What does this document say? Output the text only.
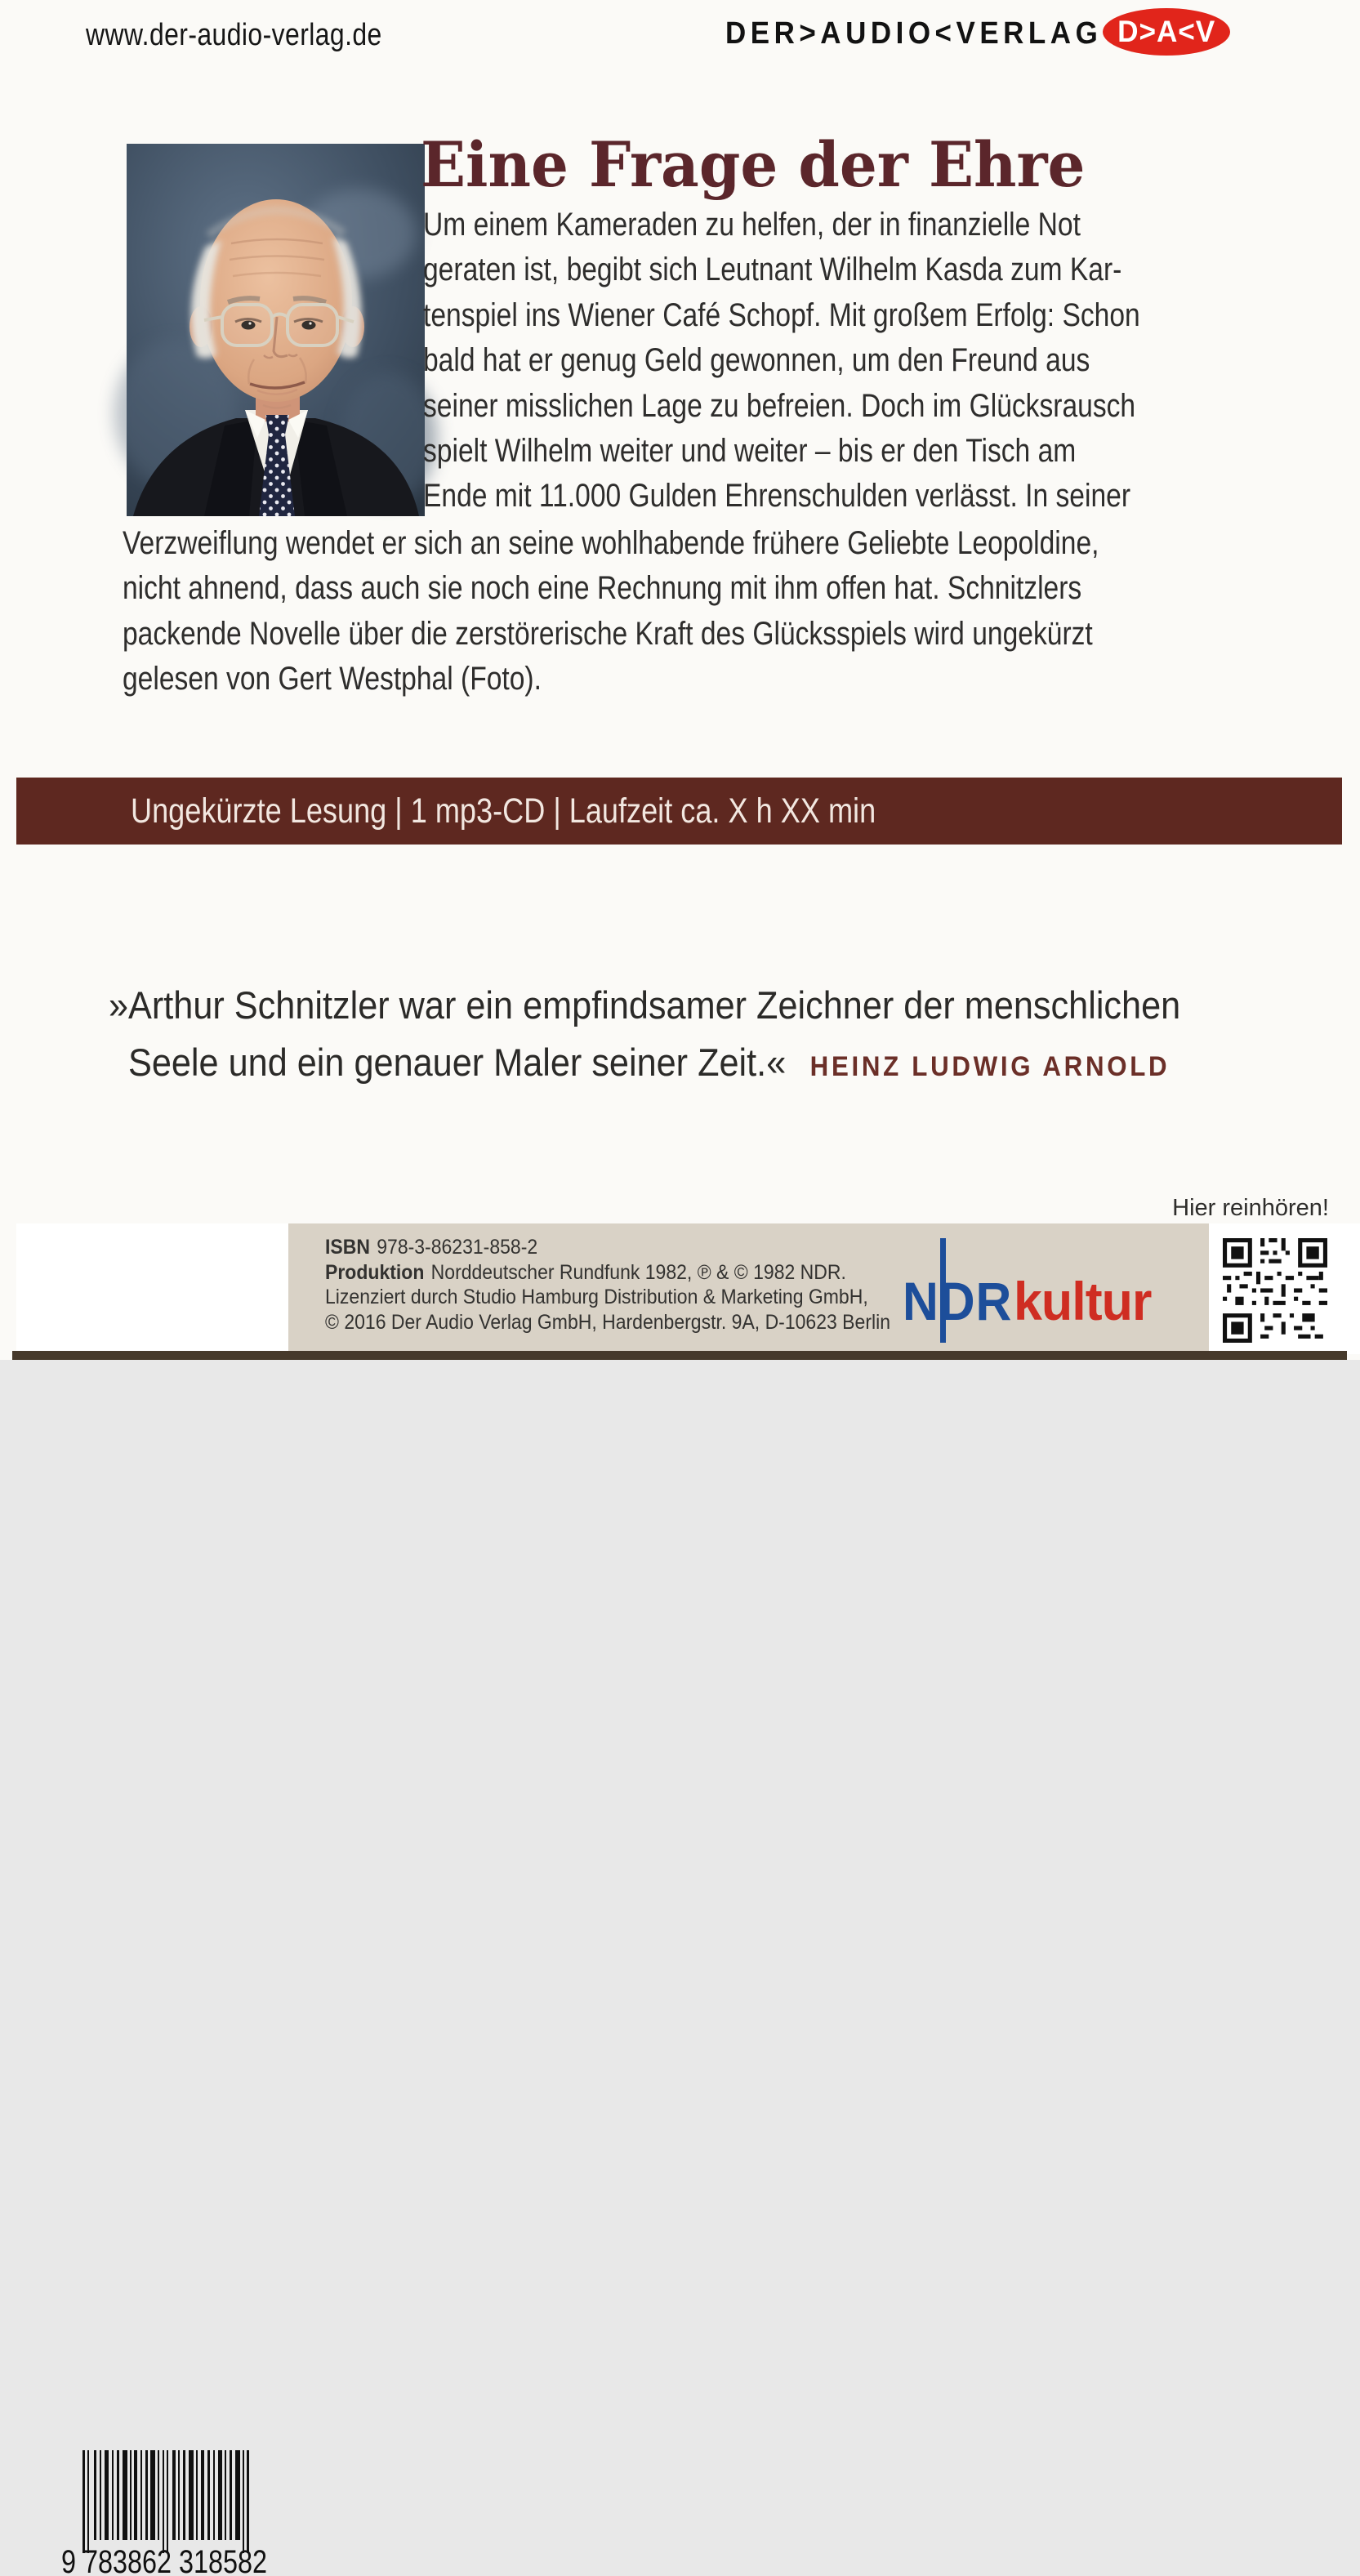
www.der-audio-verlag.de	DER>AUDIO<VERLAG D>A<V
Eine Frage der Ehre
Um einem Kameraden zu helfen, der in finanzielle Not
geraten ist, begibt sich Leutnant Wilhelm Kasda zum Kar-
tenspiel ins Wiener Café Schopf. Mit großem Erfolg: Schon
bald hat er genug Geld gewonnen, um den Freund aus
seiner misslichen Lage zu befreien. Doch im Glücksrausch
spielt Wilhelm weiter und weiter – bis er den Tisch am
Ende mit 11.000 Gulden Ehrenschulden verlässt. In seiner
Verzweiflung wendet er sich an seine wohlhabende frühere Geliebte Leopoldine,
nicht ahnend, dass auch sie noch eine Rechnung mit ihm offen hat. Schnitzlers
packende Novelle über die zerstörerische Kraft des Glücksspiels wird ungekürzt
gelesen von Gert Westphal (Foto).
Ungekürzte Lesung | 1 mp3-CD | Laufzeit ca. X h XX min
»Arthur Schnitzler war ein empfindsamer Zeichner der menschlichen
Seele und ein genauer Maler seiner Zeit.« HEINZ LUDWIG ARNOLD
9 783862 318582
ISBN 978-3-86231-858-2
Produktion Norddeutscher Rundfunk 1982, ℗ & © 1982 NDR.
Lizenziert durch Studio Hamburg Distribution & Marketing GmbH,
© 2016 Der Audio Verlag GmbH, Hardenbergstr. 9A, D-10623 Berlin NDR kultur
Hier reinhören!
